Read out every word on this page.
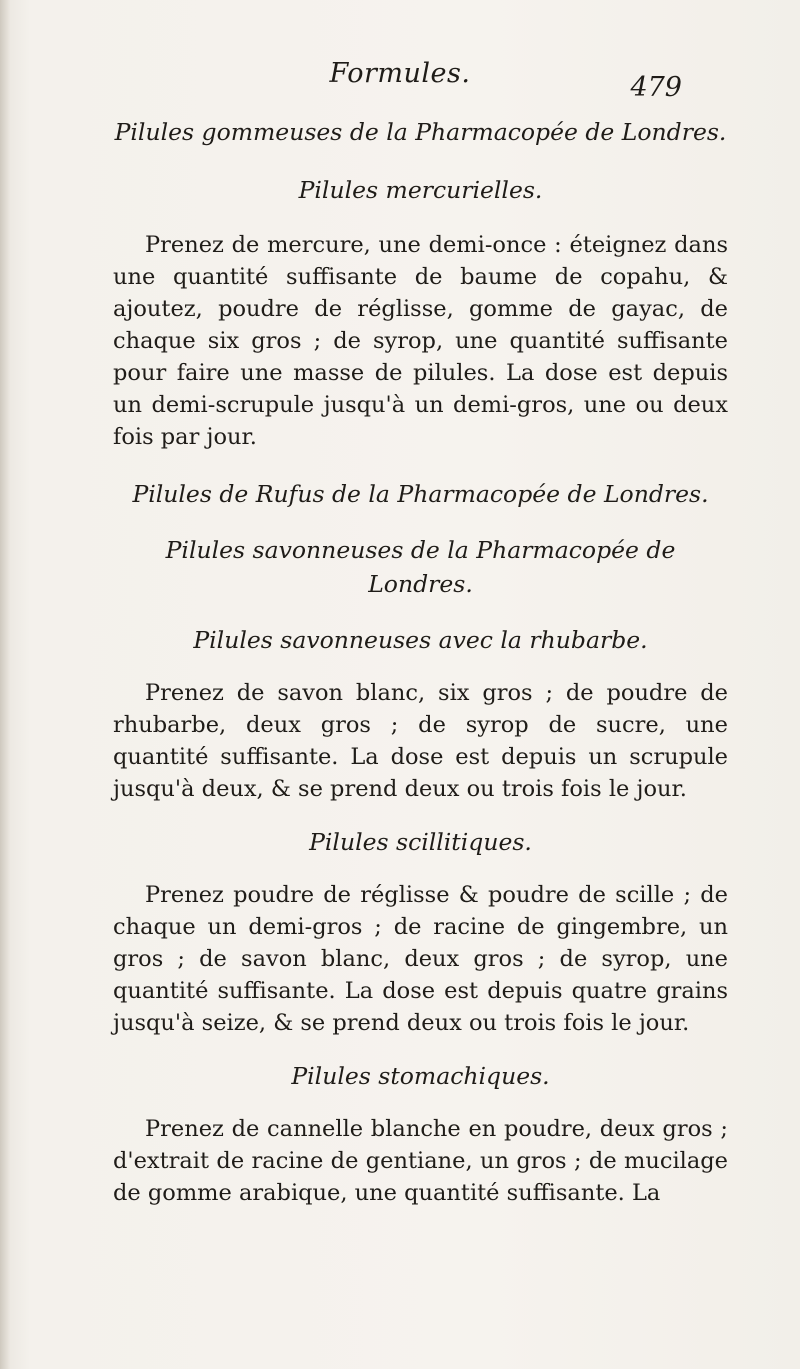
Formules.	479

Pilules gommeuses de la Pharmacopée de Londres.

Pilules mercurielles.

Prenez de mercure, une demi-once : éteignez dans une quantité suffisante de baume de copahu, & ajoutez, poudre de réglisse, gomme de gayac, de chaque six gros ; de syrop, une quantité suffisante pour faire une masse de pilules. La dose est depuis un demi-scrupule jusqu'à un demi-gros, une ou deux fois par jour.

Pilules de Rufus de la Pharmacopée de Londres.

Pilules savonneuses de la Pharmacopée de Londres.

Pilules savonneuses avec la rhubarbe.

Prenez de savon blanc, six gros ; de poudre de rhubarbe, deux gros ; de syrop de sucre, une quantité suffisante. La dose est depuis un scrupule jusqu'à deux, & se prend deux ou trois fois le jour.

Pilules scillitiques.

Prenez poudre de réglisse & poudre de scille ; de chaque un demi-gros ; de racine de gingembre, un gros ; de savon blanc, deux gros ; de syrop, une quantité suffisante. La dose est depuis quatre grains jusqu'à seize, & se prend deux ou trois fois le jour.

Pilules stomachiques.

Prenez de cannelle blanche en poudre, deux gros ; d'extrait de racine de gentiane, un gros ; de mucilage de gomme arabique, une quantité suffisante. La
